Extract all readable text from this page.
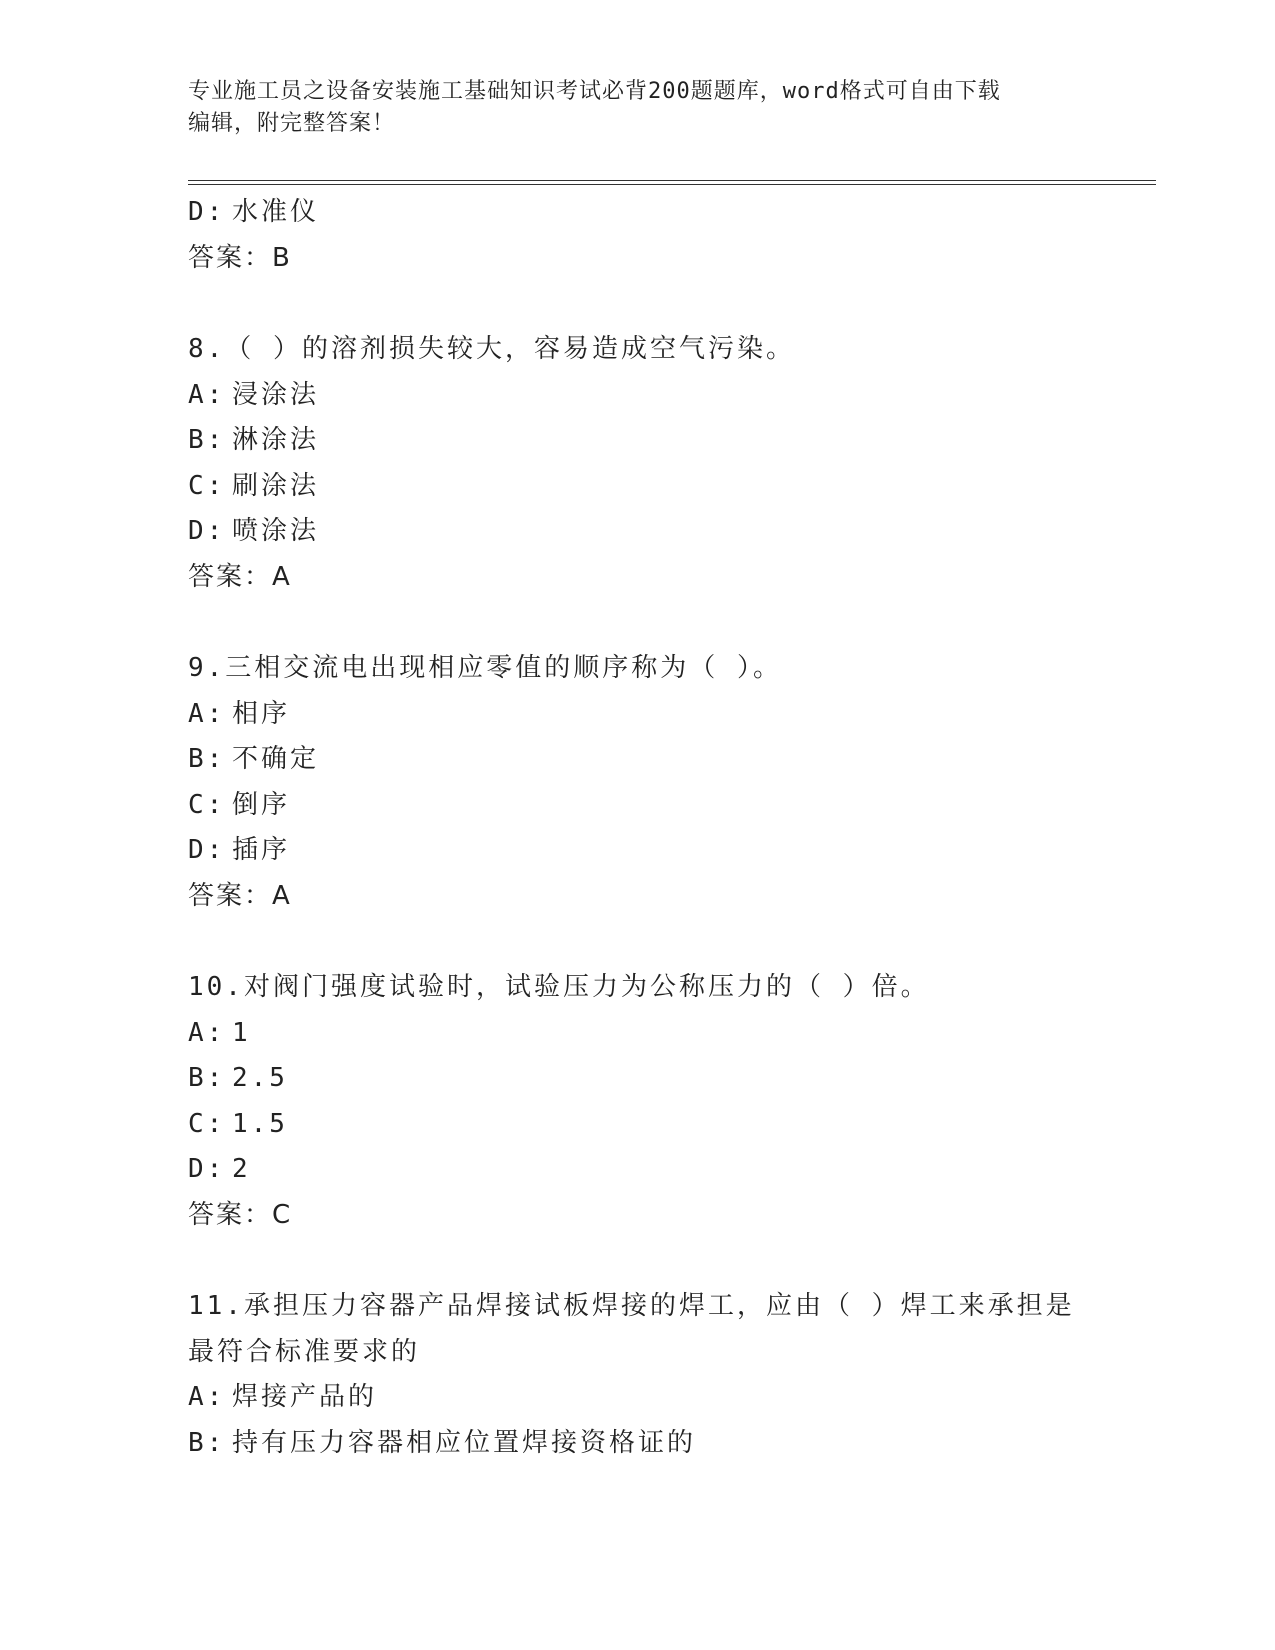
专业施工员之设备安装施工基础知识考试必背200题题库，word格式可自由下载
编辑，附完整答案！
D: 水准仪
答案：B
8.（ ）的溶剂损失较大，容易造成空气污染。
A: 浸涂法
B: 淋涂法
C: 刷涂法
D: 喷涂法
答案：A
9.三相交流电出现相应零值的顺序称为（ ）。
A: 相序
B: 不确定
C: 倒序
D: 插序
答案：A
10.对阀门强度试验时，试验压力为公称压力的（ ）倍。
A: 1
B: 2.5
C: 1.5
D: 2
答案：C
11.承担压力容器产品焊接试板焊接的焊工，应由（ ）焊工来承担是
最符合标准要求的
A: 焊接产品的
B: 持有压力容器相应位置焊接资格证的
